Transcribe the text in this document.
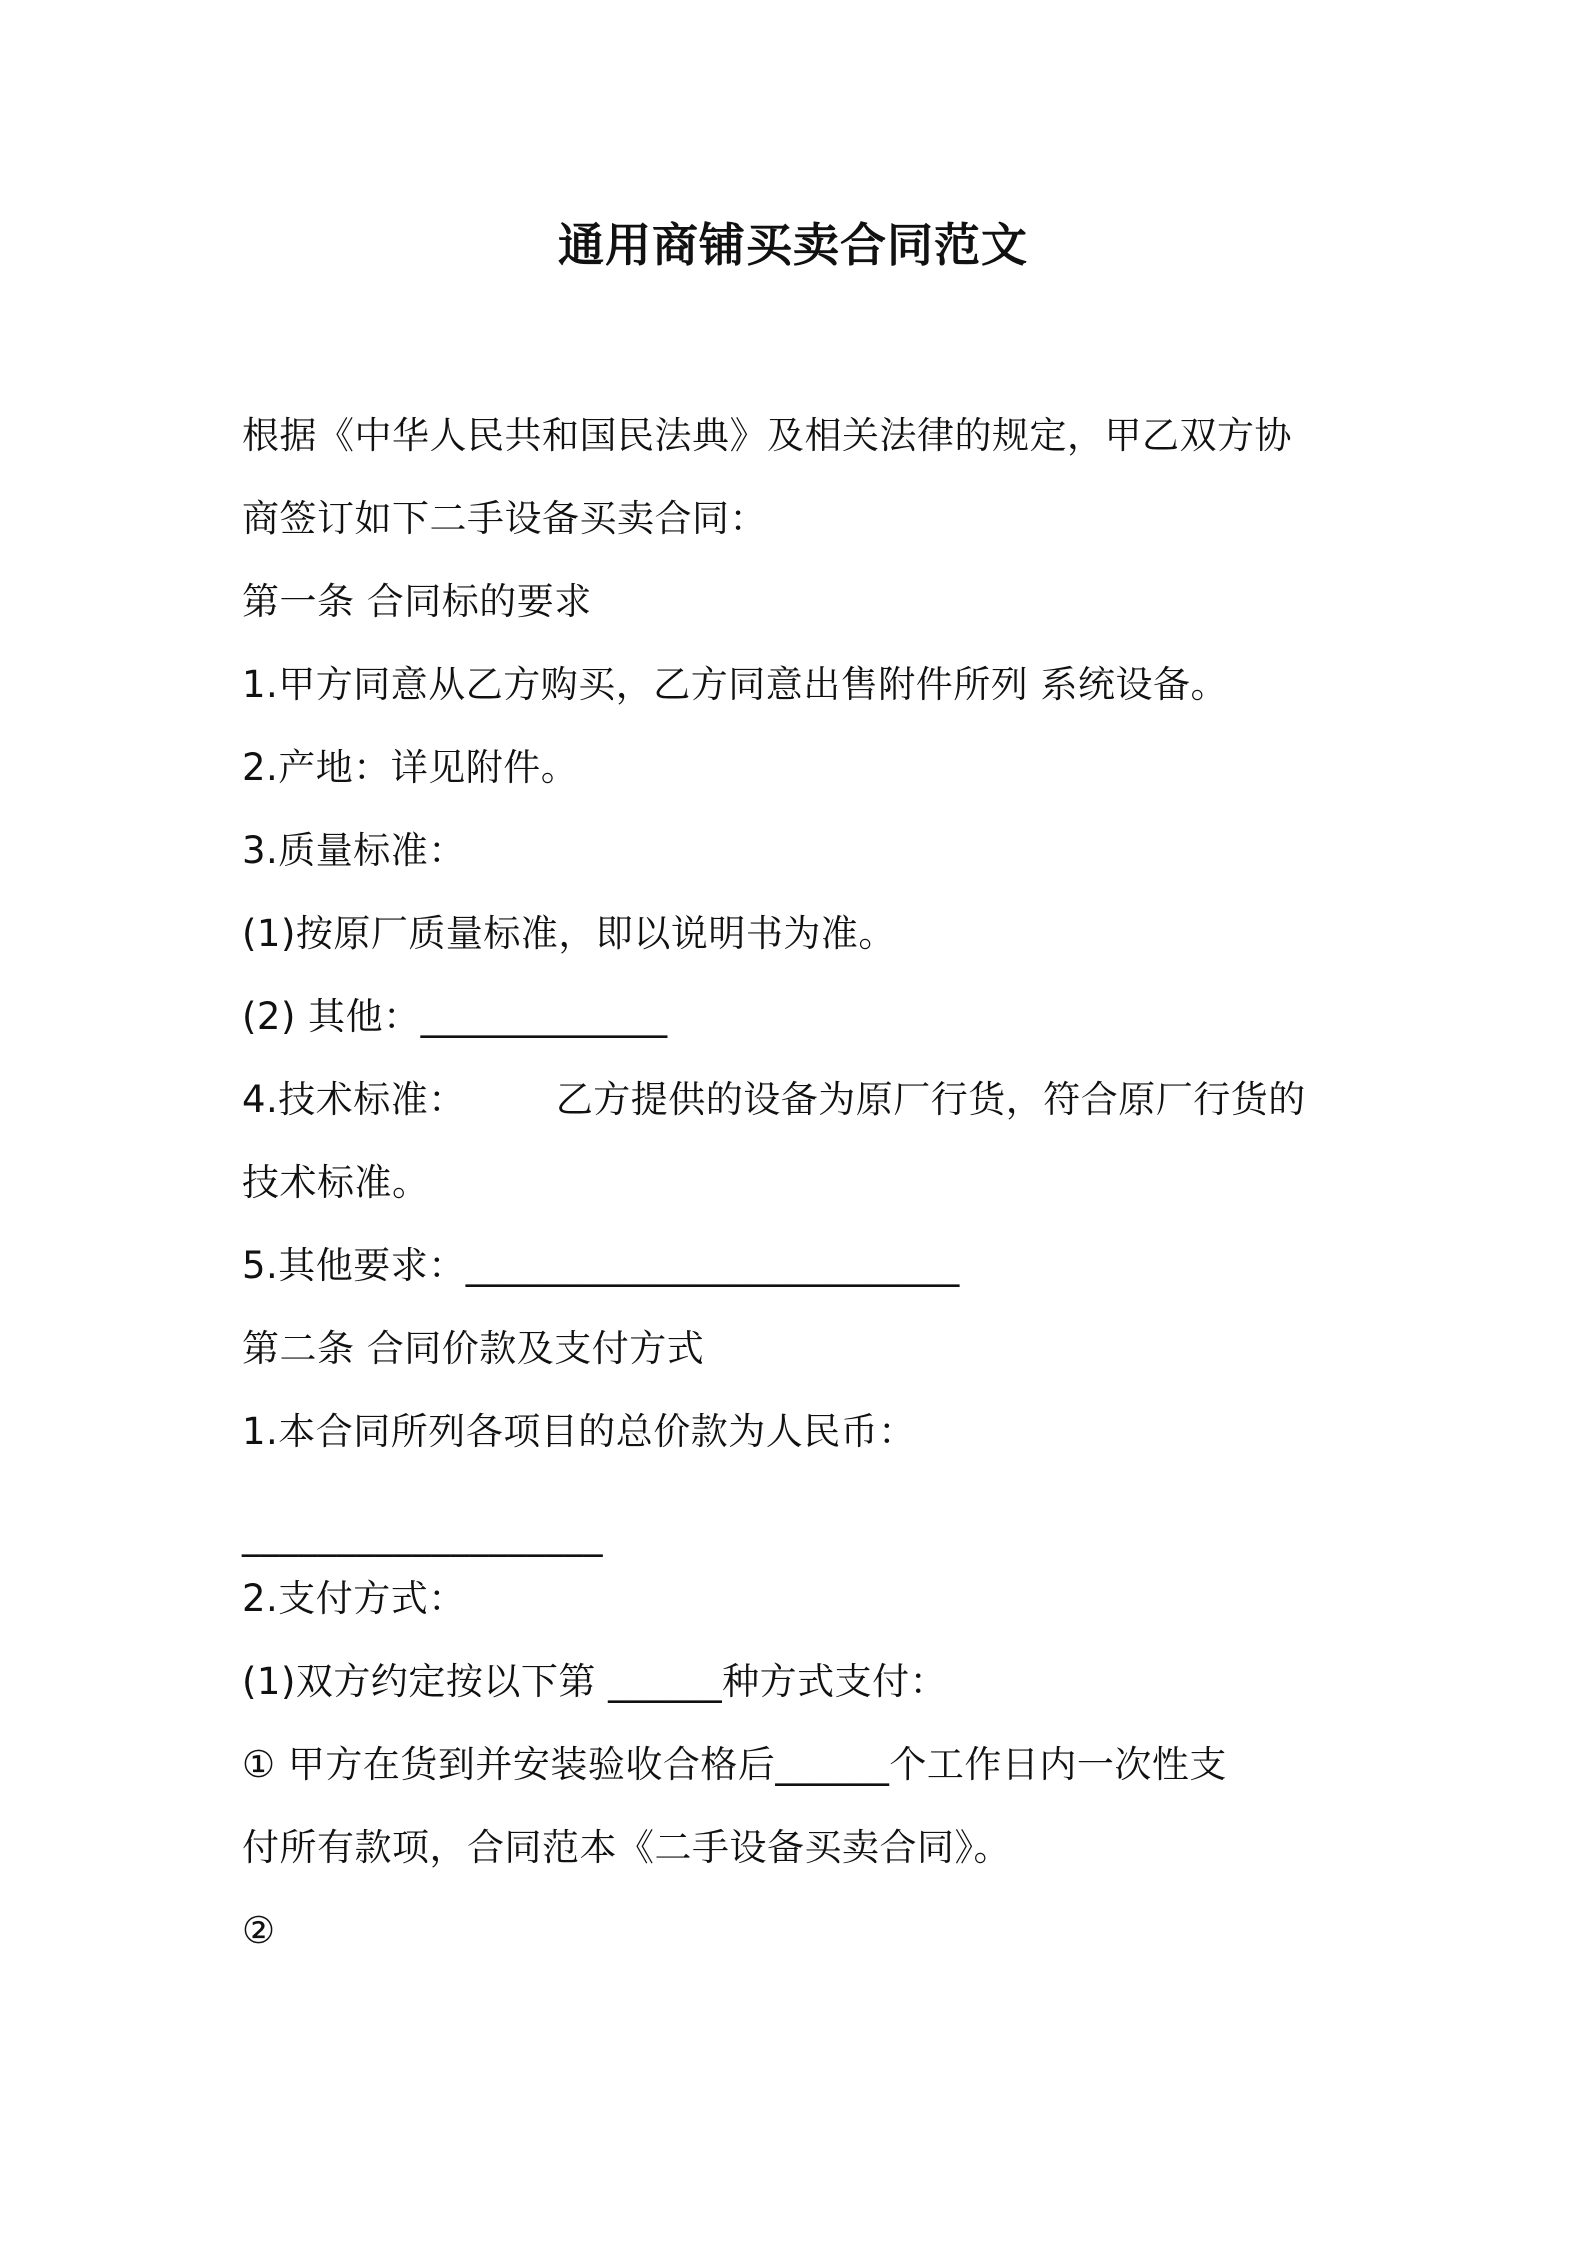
通用商铺买卖合同范文
根据《中华人民共和国民法典》及相关法律的规定，甲乙双方协
商签订如下二手设备买卖合同：
第一条 合同标的要求
1.甲方同意从乙方购买，乙方同意出售附件所列 系统设备。
2.产地：详见附件。
3.质量标准：
(1)按原厂质量标准，即以说明书为准。
(2) 其他：_____________
4.技术标准： 乙方提供的设备为原厂行货，符合原厂行货的
技术标准。
5.其他要求：__________________________
第二条 合同价款及支付方式
1.本合同所列各项目的总价款为人民币：
___________________
2.支付方式：
(1)双方约定按以下第 ______种方式支付：
① 甲方在货到并安装验收合格后______个工作日内一次性支
付所有款项，合同范本《二手设备买卖合同》。
②
